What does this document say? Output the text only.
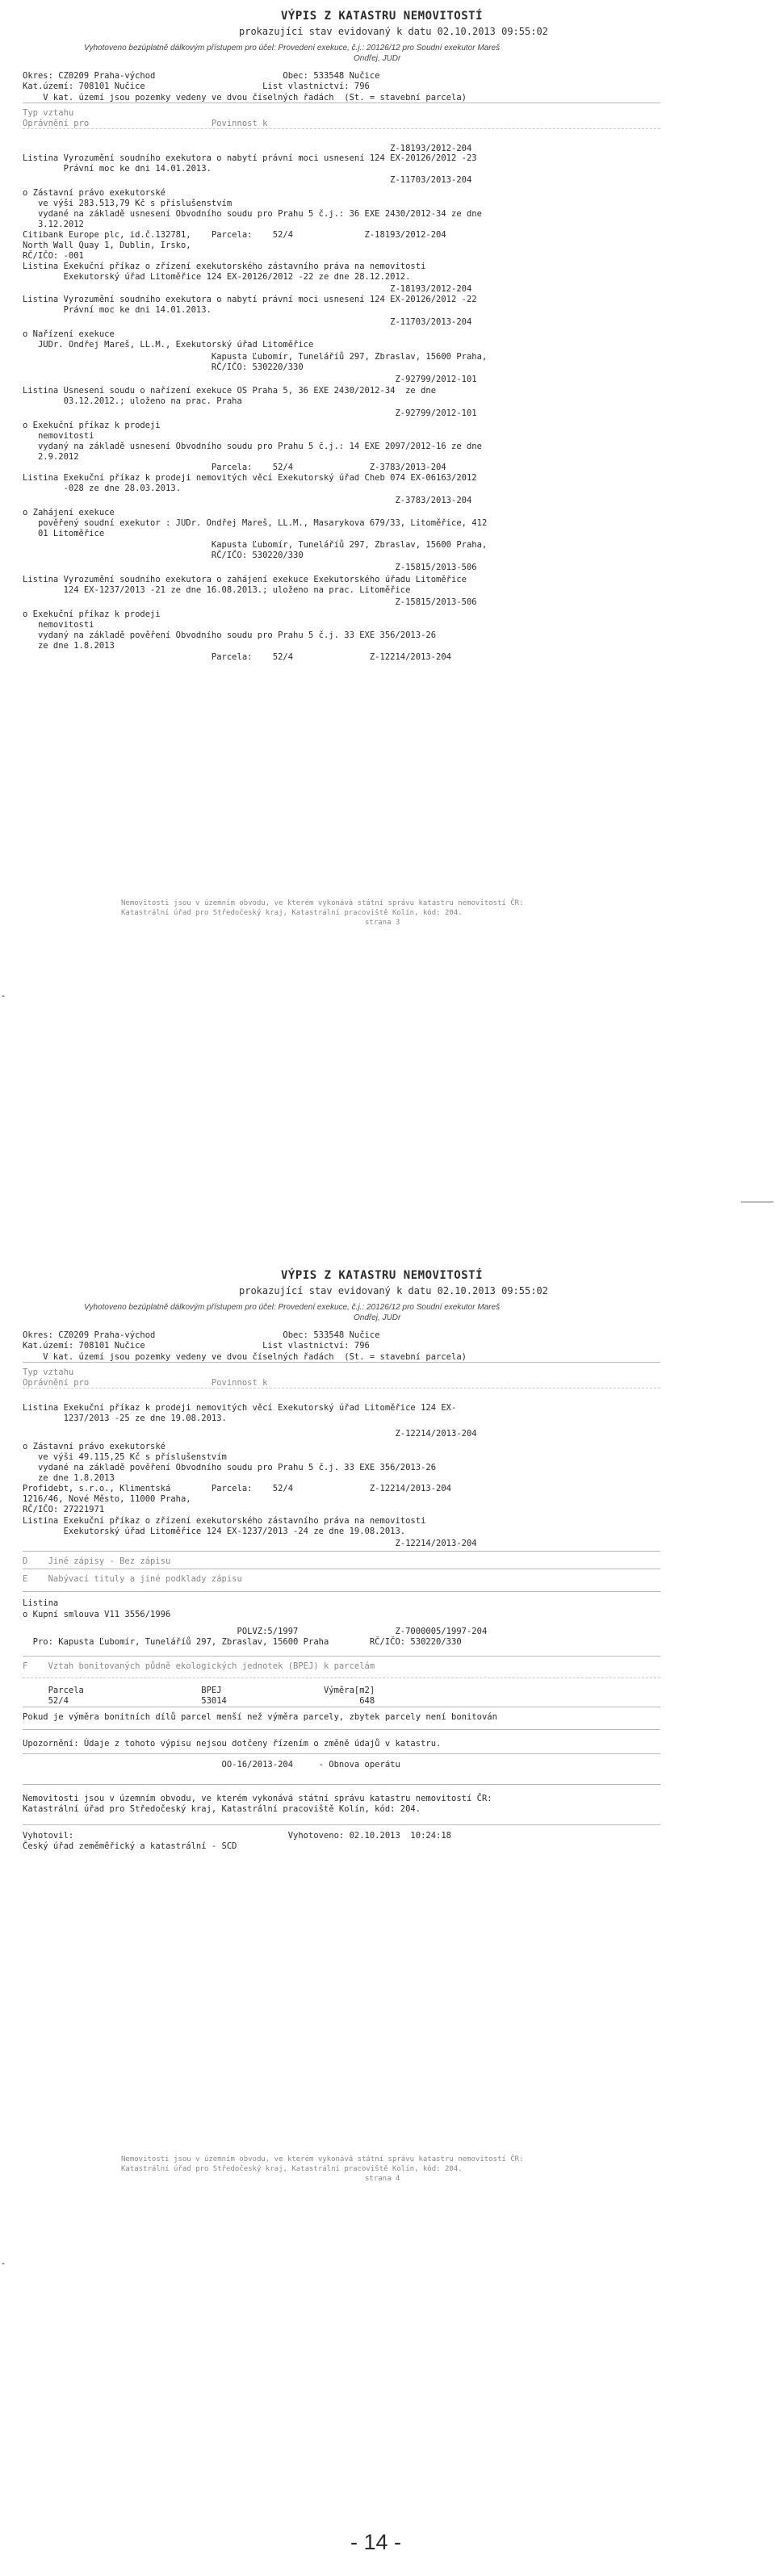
VÝPIS Z KATASTRU NEMOVITOSTÍ
prokazující stav evidovaný k datu 02.10.2013 09:55:02
Vyhotoveno bezúplatně dálkovým přístupem pro účel: Provedení exekuce, č.j.: 20126/12 pro Soudní exekutor Mareš
Ondřej, JUDr
Okres: CZ0209 Praha-východ                         Obec: 533548 Nučice
Kat.území: 708101 Nučice                       List vlastnictví: 796
V kat. území jsou pozemky vedeny ve dvou číselných řadách  (St. = stavební parcela)
Typ vztahu
Oprávnění pro                        Povinnost k
Z-18193/2012-204
Listina Vyrozumění soudního exekutora o nabytí právní moci usnesení 124 EX-20126/2012 -23
Právní moc ke dni 14.01.2013.
Z-11703/2013-204
o Zástavní právo exekutorské
ve výši 283.513,79 Kč s příslušenstvím
vydané na základě usnesení Obvodního soudu pro Prahu 5 č.j.: 36 EXE 2430/2012-34 ze dne
3.12.2012
Citibank Europe plc, id.č.132781,    Parcela:    52/4              Z-18193/2012-204
North Wall Quay 1, Dublin, Irsko,
RČ/IČO: -001
Listina Exekuční příkaz o zřízení exekutorského zástavního práva na nemovitosti
Exekutorský úřad Litoměřice 124 EX-20126/2012 -22 ze dne 28.12.2012.
Z-18193/2012-204
Listina Vyrozumění soudního exekutora o nabytí právní moci usnesení 124 EX-20126/2012 -22
Právní moc ke dni 14.01.2013.
Z-11703/2013-204
o Nařízení exekuce
JUDr. Ondřej Mareš, LL.M., Exekutorský úřad Litoměřice
Kapusta Ľubomír, Tuneláříů 297, Zbraslav, 15600 Praha,
RČ/IČO: 530220/330
Z-92799/2012-101
Listina Usnesení soudu o nařízení exekuce OS Praha 5, 36 EXE 2430/2012-34  ze dne
03.12.2012.; uloženo na prac. Praha
Z-92799/2012-101
o Exekuční příkaz k prodeji
nemovitosti
vydaný na základě usnesení Obvodního soudu pro Prahu 5 č.j.: 14 EXE 2097/2012-16 ze dne
2.9.2012
Parcela:    52/4               Z-3783/2013-204
Listina Exekuční příkaz k prodeji nemovitých věcí Exekutorský úřad Cheb 074 EX-06163/2012
-028 ze dne 28.03.2013.
Z-3783/2013-204
o Zahájení exekuce
pověřený soudní exekutor : JUDr. Ondřej Mareš, LL.M., Masarykova 679/33, Litoměřice, 412
01 Litoměřice
Kapusta Ľubomír, Tuneláříů 297, Zbraslav, 15600 Praha,
RČ/IČO: 530220/330
Z-15815/2013-506
Listina Vyrozumění soudního exekutora o zahájení exekuce Exekutorského úřadu Litoměřice
124 EX-1237/2013 -21 ze dne 16.08.2013.; uloženo na prac. Litoměřice
Z-15815/2013-506
o Exekuční příkaz k prodeji
nemovitosti
vydaný na základě pověření Obvodního soudu pro Prahu 5 č.j. 33 EXE 356/2013-26
ze dne 1.8.2013
Parcela:    52/4               Z-12214/2013-204
Nemovitosti jsou v územním obvodu, ve kterém vykonává státní správu katastru nemovitostí ČR:
Katastrální úřad pro Středočeský kraj, Katastrální pracoviště Kolín, kód: 204.
strana 3
-
VÝPIS Z KATASTRU NEMOVITOSTÍ
prokazující stav evidovaný k datu 02.10.2013 09:55:02
Vyhotoveno bezúplatně dálkovým přístupem pro účel: Provedení exekuce, č.j.: 20126/12 pro Soudní exekutor Mareš
Ondřej, JUDr
Okres: CZ0209 Praha-východ                         Obec: 533548 Nučice
Kat.území: 708101 Nučice                       List vlastnictví: 796
V kat. území jsou pozemky vedeny ve dvou číselných řadách  (St. = stavební parcela)
Typ vztahu
Oprávnění pro                        Povinnost k
Listina Exekuční příkaz k prodeji nemovitých věcí Exekutorský úřad Litoměřice 124 EX-
1237/2013 -25 ze dne 19.08.2013.
Z-12214/2013-204
o Zástavní právo exekutorské
ve výši 49.115,25 Kč s příslušenstvím
vydané na základě pověření Obvodního soudu pro Prahu 5 č.j. 33 EXE 356/2013-26
ze dne 1.8.2013
Profidebt, s.r.o., Klimentská        Parcela:    52/4               Z-12214/2013-204
1216/46, Nové Město, 11000 Praha,
RČ/IČO: 27221971
Listina Exekuční příkaz o zřízení exekutorského zástavního práva na nemovitosti
Exekutorský úřad Litoměřice 124 EX-1237/2013 -24 ze dne 19.08.2013.
Z-12214/2013-204
D    Jiné zápisy - Bez zápisu
E    Nabývací tituly a jiné podklady zápisu
Listina
o Kupní smlouva V11 3556/1996
POLVZ:5/1997                   Z-7000005/1997-204
Pro: Kapusta Ľubomír, Tuneláříů 297, Zbraslav, 15600 Praha        RČ/IČO: 530220/330
F    Vztah bonitovaných půdně ekologických jednotek (BPEJ) k parcelám
Parcela                       BPEJ                    Výměra[m2]
52/4                          53014                          648
Pokud je výměra bonitních dílů parcel menší než výměra parcely, zbytek parcely není bonitován
Upozornění: Údaje z tohoto výpisu nejsou dotčeny řízením o změně údajů v katastru.
OO-16/2013-204     - Obnova operátu
Nemovitosti jsou v územním obvodu, ve kterém vykonává státní správu katastru nemovitostí ČR:
Katastrální úřad pro Středočeský kraj, Katastrální pracoviště Kolín, kód: 204.
Vyhotovil:                                          Vyhotoveno: 02.10.2013  10:24:18
Český úřad zeměměřický a katastrální - SCD
Nemovitosti jsou v územním obvodu, ve kterém vykonává státní správu katastru nemovitostí ČR:
Katastrální úřad pro Středočeský kraj, Katastrální pracoviště Kolín, kód: 204.
strana 4
-
- 14 -
